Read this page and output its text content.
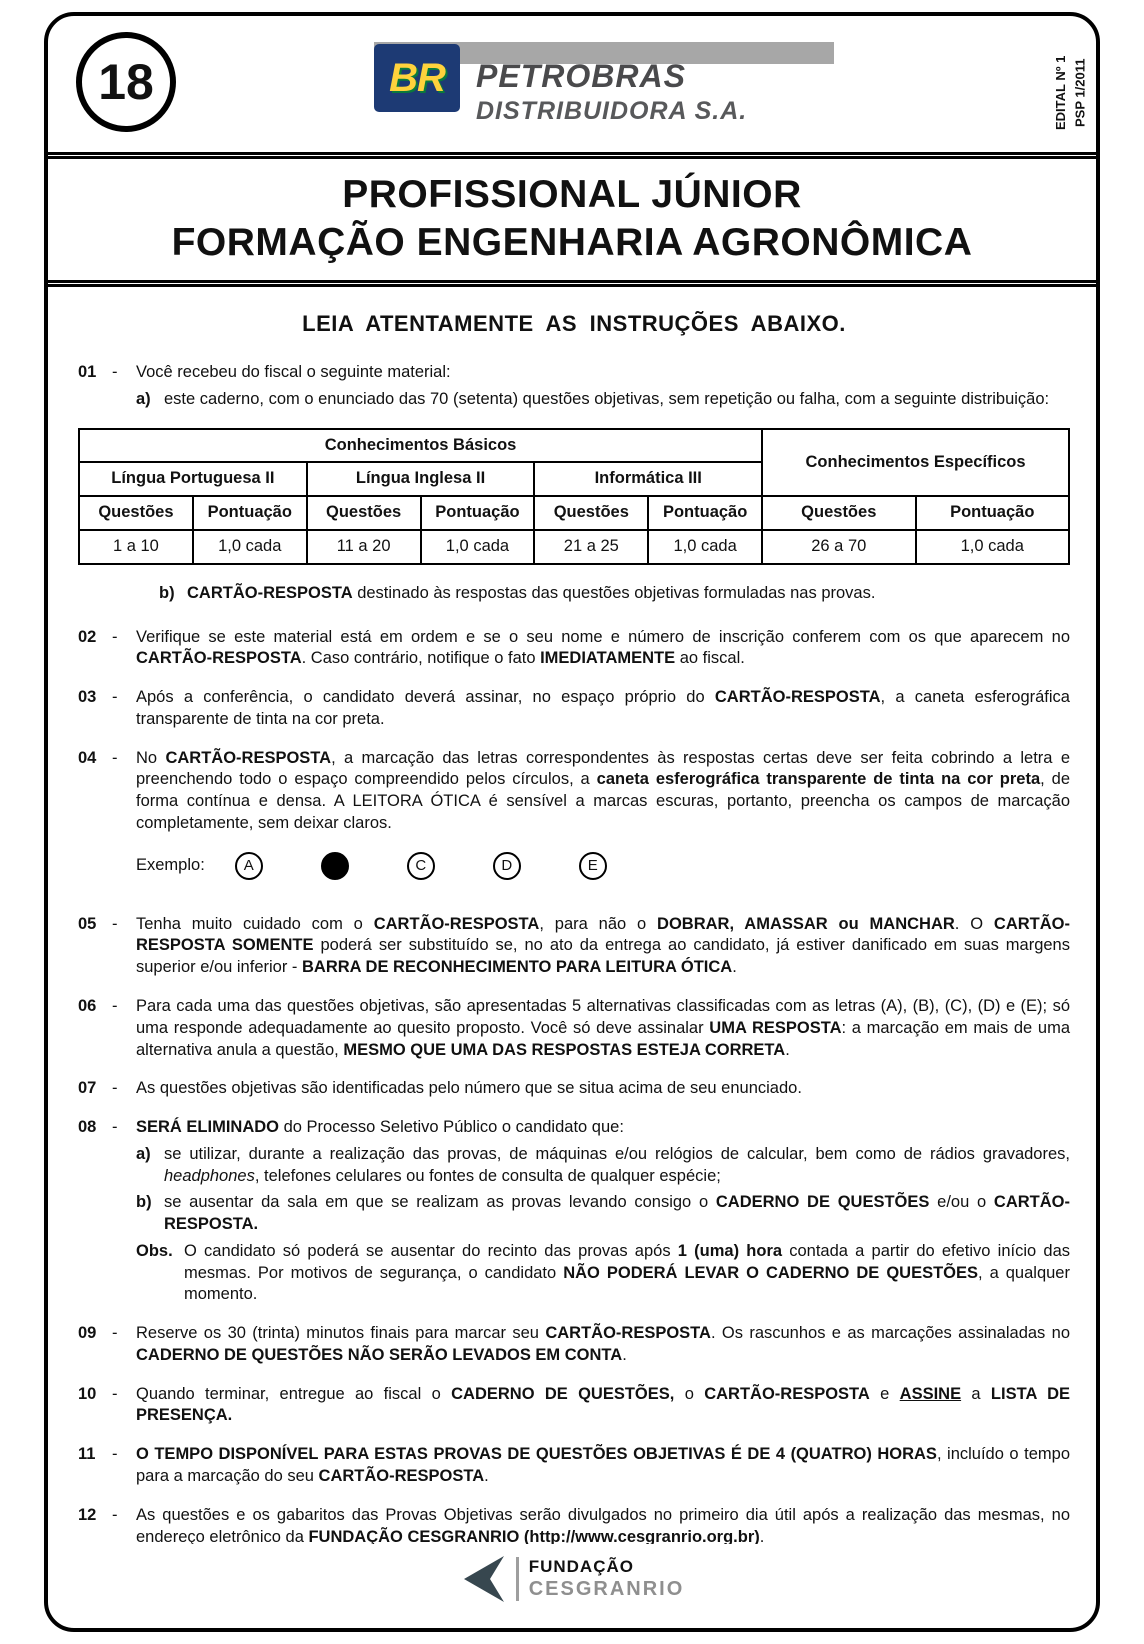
18	BR PETROBRAS
DISTRIBUIDORA S.A.	EDITAL Nº 1 PSP 1/2011
PROFISSIONAL JÚNIOR
FORMAÇÃO ENGENHARIA AGRONÔMICA
LEIA ATENTAMENTE AS INSTRUÇÕES ABAIXO.
01 -	Você recebeu do fiscal o seguinte material:

a) este caderno, com o enunciado das 70 (setenta) questões objetivas, sem repetição ou falha, com a seguinte distribuição:

Conhecimentos Básicos						Conhecimentos Específicos	
Língua Portuguesa II		Língua Inglesa II		Informática III			
Questões	Pontuação	Questões	Pontuação	Questões	Pontuação	Questões	Pontuação
1 a 10	1,0 cada	11 a 20	1,0 cada	21 a 25	1,0 cada	26 a 70	1,0 cada
b) CARTÃO-RESPOSTA destinado às respostas das questões objetivas formuladas nas provas.

02 -	Verifique se este material está em ordem e se o seu nome e número de inscrição conferem com os que aparecem no CARTÃO-RESPOSTA. Caso contrário, notifique o fato IMEDIATAMENTE ao fiscal.

03 -	Após a conferência, o candidato deverá assinar, no espaço próprio do CARTÃO-RESPOSTA, a caneta esferográfica transparente de tinta na cor preta.

04 -	No CARTÃO-RESPOSTA, a marcação das letras correspondentes às respostas certas deve ser feita cobrindo a letra e preenchendo todo o espaço compreendido pelos círculos, a caneta esferográfica transparente de tinta na cor preta, de forma contínua e densa. A LEITORA ÓTICA é sensível a marcas escuras, portanto, preencha os campos de marcação completamente, sem deixar claros.

Exemplo:	A	C	D	E
05 -	Tenha muito cuidado com o CARTÃO-RESPOSTA, para não o DOBRAR, AMASSAR ou MANCHAR. O CARTÃO-RESPOSTA SOMENTE poderá ser substituído se, no ato da entrega ao candidato, já estiver danificado em suas margens superior e/ou inferior - BARRA DE RECONHECIMENTO PARA LEITURA ÓTICA.

06 -	Para cada uma das questões objetivas, são apresentadas 5 alternativas classificadas com as letras (A), (B), (C), (D) e (E); só uma responde adequadamente ao quesito proposto. Você só deve assinalar UMA RESPOSTA: a marcação em mais de uma alternativa anula a questão, MESMO QUE UMA DAS RESPOSTAS ESTEJA CORRETA.

07 -	As questões objetivas são identificadas pelo número que se situa acima de seu enunciado.

08 -	SERÁ ELIMINADO do Processo Seletivo Público o candidato que:

a) se utilizar, durante a realização das provas, de máquinas e/ou relógios de calcular, bem como de rádios gravadores, headphones, telefones celulares ou fontes de consulta de qualquer espécie;

b) se ausentar da sala em que se realizam as provas levando consigo o CADERNO DE QUESTÕES e/ou o CARTÃO-RESPOSTA.

Obs. O candidato só poderá se ausentar do recinto das provas após 1 (uma) hora contada a partir do efetivo início das mesmas. Por motivos de segurança, o candidato NÃO PODERÁ LEVAR O CADERNO DE QUESTÕES, a qualquer momento.

09 -	Reserve os 30 (trinta) minutos finais para marcar seu CARTÃO-RESPOSTA. Os rascunhos e as marcações assinaladas no CADERNO DE QUESTÕES NÃO SERÃO LEVADOS EM CONTA.

10 -	Quando terminar, entregue ao fiscal o CADERNO DE QUESTÕES, o CARTÃO-RESPOSTA e ASSINE a LISTA DE PRESENÇA.

11	-	O TEMPO DISPONÍVEL PARA ESTAS PROVAS DE QUESTÕES OBJETIVAS É DE 4 (QUATRO) HORAS, incluído o tempo para a marcação do seu CARTÃO-RESPOSTA.

12 -	As questões e os gabaritos das Provas Objetivas serão divulgados no primeiro dia útil após a realização das mesmas, no endereço eletrônico da FUNDAÇÃO CESGRANRIO (http://www.cesgranrio.org.br).

FUNDAÇÃO
CESGRANRIO
